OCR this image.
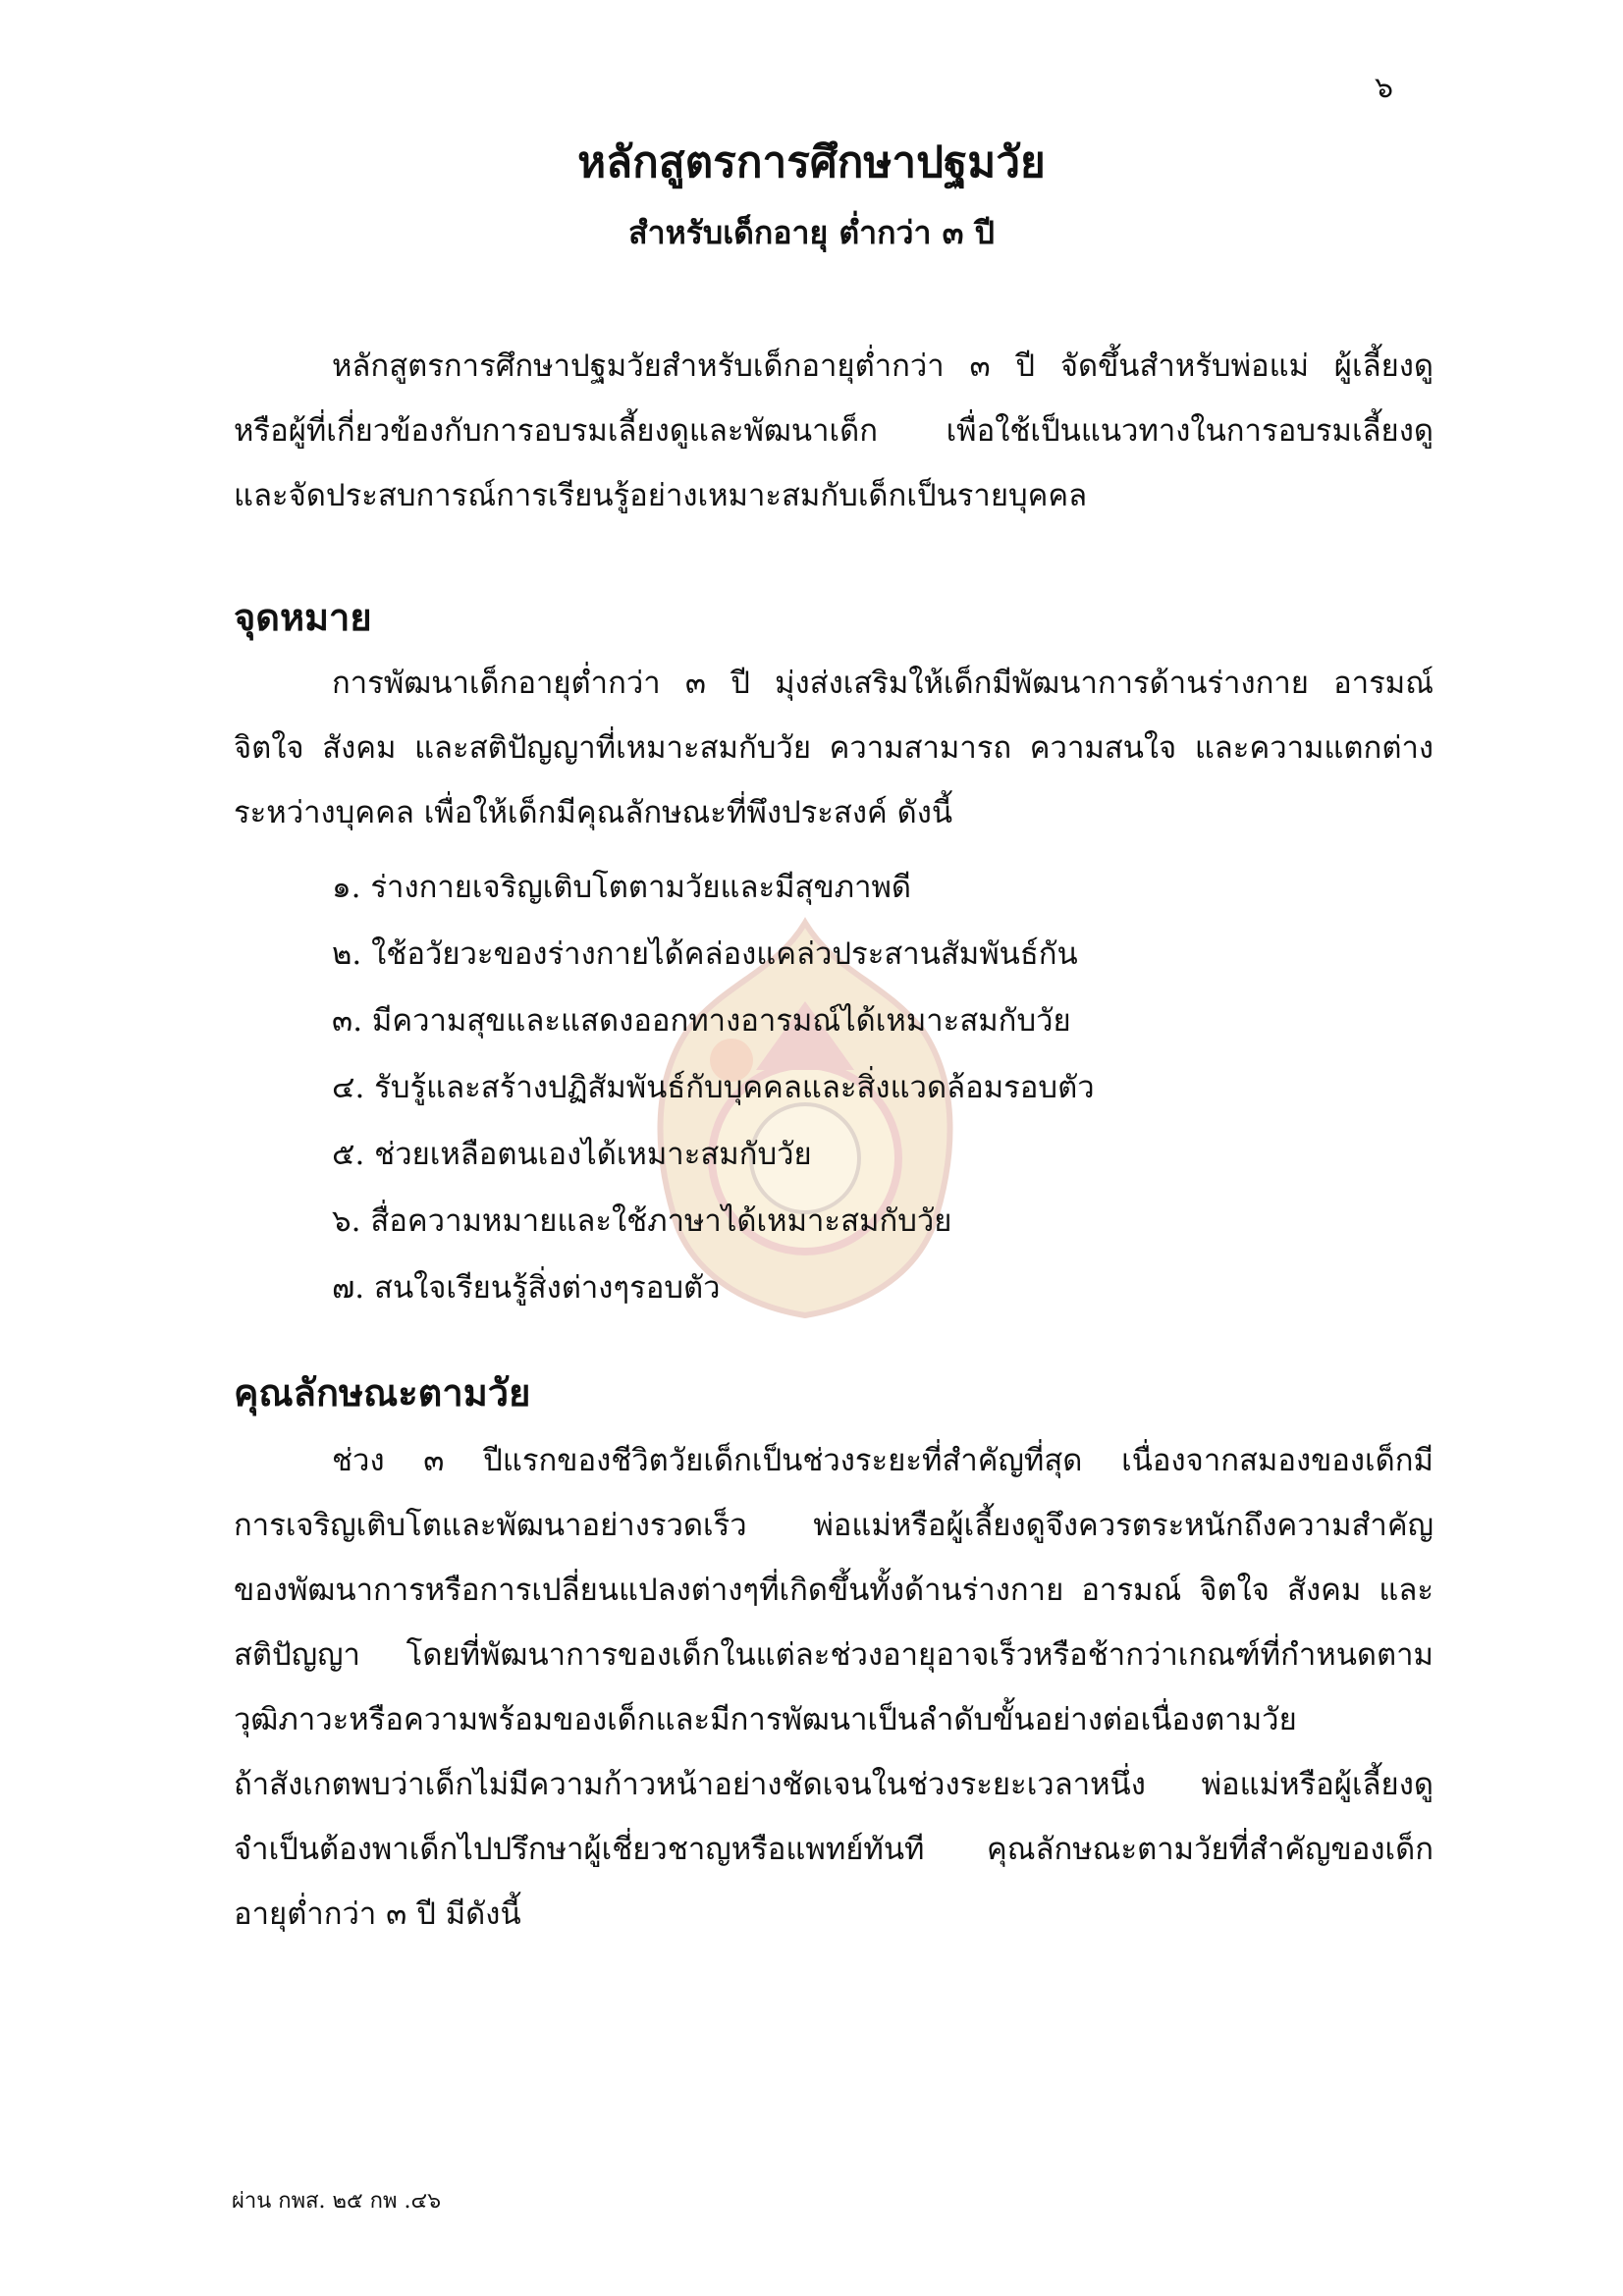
๖
หลักสูตรการศึกษาปฐมวัย
สำหรับเด็กอายุ ต่ำกว่า ๓ ปี
หลักสูตรการศึกษาปฐมวัยสำหรับเด็กอายุต่ำกว่า ๓ ปี จัดขึ้นสำหรับพ่อแม่ ผู้เลี้ยงดู
หรือผู้ที่เกี่ยวข้องกับการอบรมเลี้ยงดูและพัฒนาเด็ก เพื่อใช้เป็นแนวทางในการอบรมเลี้ยงดู
และจัดประสบการณ์การเรียนรู้อย่างเหมาะสมกับเด็กเป็นรายบุคคล
จุดหมาย
การพัฒนาเด็กอายุต่ำกว่า ๓ ปี มุ่งส่งเสริมให้เด็กมีพัฒนาการด้านร่างกาย อารมณ์
จิตใจ สังคม และสติปัญญาที่เหมาะสมกับวัย ความสามารถ ความสนใจ และความแตกต่าง
ระหว่างบุคคล เพื่อให้เด็กมีคุณลักษณะที่พึงประสงค์ ดังนี้
๑. ร่างกายเจริญเติบโตตามวัยและมีสุขภาพดี
๒. ใช้อวัยวะของร่างกายได้คล่องแคล่วประสานสัมพันธ์กัน
๓. มีความสุขและแสดงออกทางอารมณ์ได้เหมาะสมกับวัย
๔. รับรู้และสร้างปฏิสัมพันธ์กับบุคคลและสิ่งแวดล้อมรอบตัว
๕. ช่วยเหลือตนเองได้เหมาะสมกับวัย
๖. สื่อความหมายและใช้ภาษาได้เหมาะสมกับวัย
๗. สนใจเรียนรู้สิ่งต่างๆรอบตัว
คุณลักษณะตามวัย
ช่วง ๓ ปีแรกของชีวิตวัยเด็กเป็นช่วงระยะที่สำคัญที่สุด เนื่องจากสมองของเด็กมี
การเจริญเติบโตและพัฒนาอย่างรวดเร็ว พ่อแม่หรือผู้เลี้ยงดูจึงควรตระหนักถึงความสำคัญ
ของพัฒนาการหรือการเปลี่ยนแปลงต่างๆที่เกิดขึ้นทั้งด้านร่างกาย อารมณ์ จิตใจ สังคม และ
สติปัญญา โดยที่พัฒนาการของเด็กในแต่ละช่วงอายุอาจเร็วหรือช้ากว่าเกณฑ์ที่กำหนดตาม
วุฒิภาวะหรือความพร้อมของเด็กและมีการพัฒนาเป็นลำดับขั้นอย่างต่อเนื่องตามวัย
ถ้าสังเกตพบว่าเด็กไม่มีความก้าวหน้าอย่างชัดเจนในช่วงระยะเวลาหนึ่ง พ่อแม่หรือผู้เลี้ยงดู
จำเป็นต้องพาเด็กไปปรึกษาผู้เชี่ยวชาญหรือแพทย์ทันที คุณลักษณะตามวัยที่สำคัญของเด็ก
อายุต่ำกว่า ๓ ปี มีดังนี้
ผ่าน กพส. ๒๕ กพ .๔๖
